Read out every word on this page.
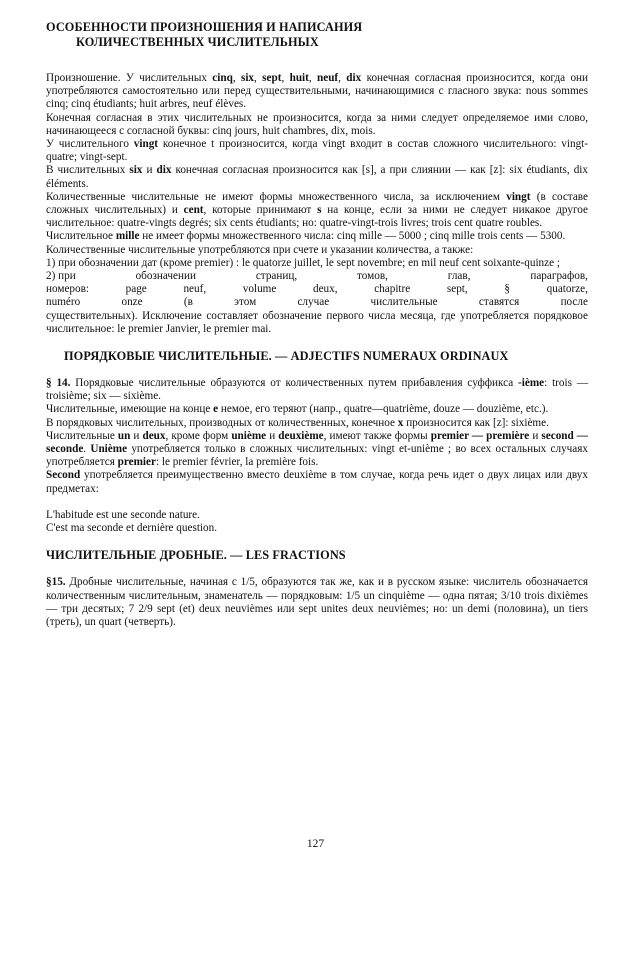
ОСОБЕННОСТИ ПРОИЗНОШЕНИЯ И НАПИСАНИЯ
КОЛИЧЕСТВЕННЫХ ЧИСЛИТЕЛЬНЫХ

Произношение. У числительных cinq, six, sept, huit, neuf, dix конечная согласная произносится, когда они употребляются самостоятельно или перед существительными, начинающимися с гласного звука: nous sommes cinq; cinq étudiants; huit arbres, neuf élèves.

Конечная согласная в этих числительных не произносится, когда за ними следует определяемое ими слово, начинающееся с согласной буквы: cinq jours, huit chambres, dix, mois.

У числительного vingt конечное t произносится, когда vingt входит в состав сложного числительного: vingt-quatre; vingt-sept.

В числительных six и dix конечная согласная произносится как [s], а при слиянии — как [z]: six étudiants, dix éléments.

Количественные числительные не имеют формы множественного числа, за исключением vingt (в составе сложных числительных) и cent, которые принимают s на конце, если за ними не следует никакое другое числительное: quatre-vingts degrés; six cents étudiants; но: quatre-vingt-trois livres; trois cent quatre roubles.

Числительное mille не имеет формы множественного числа: cinq mille — 5000 ; cinq mille trois cents — 5300.

Количественные числительные употребляются при счете и указании количества, а также:

1) при обозначении дат (кроме premier) : le quatorze juillet, le sept novembre; en mil neuf cent soixante-quinze ;

2) при	обозначении	страниц,	томов,	глав,	параграфов,
номеров:	page	neuf,	volume	deux,	chapitre	sept,	§	quatorze,
numéro	onze	(в	этом	случае	числительные	ставятся	после

существительных). Исключение составляет обозначение первого числа месяца, где употребляется порядковое числительное: le premier Janvier, le premier mai.

ПОРЯДКОВЫЕ ЧИСЛИТЕЛЬНЫЕ. — ADJECTIFS NUMERAUX ORDINAUX

§ 14. Порядковые числительные образуются от количественных путем прибавления суффикса -ième: trois — troisième; six — sixième.

Числительные, имеющие на конце e немое, его теряют (напр., quatre—quatrième, douze — douzième, etc.).

В порядковых числительных, производных от количественных, конечное x произносится как [z]: sixième.

Числительные un и deux, кроме форм unième и deuxième, имеют также формы premier — première и second — seconde. Unième употребляется только в сложных числительных: vingt et-unième ; во всех остальных случаях употребляется premier: le premier février, la première fois.

Second употребляется преимущественно вместо deuxième в том случае, когда речь идет о двух лицах или двух предметах:

L'habitude est une seconde nature.

C'est ma seconde et dernière question.

ЧИСЛИТЕЛЬНЫЕ ДРОБНЫЕ. — LES FRACTIONS

§15. Дробные числительные, начиная с 1/5, образуются так же, как и в русском языке: числитель обозначается количественным числительным, знаменатель — порядковым: 1/5 un cinquième — одна пятая; 3/10 trois dixièmes — три десятых; 7 2/9 sept (et) deux neuvièmes или sept unites deux neuvièmes; но: un demi (половина), un tiers (треть), un quart (четверть).

127
